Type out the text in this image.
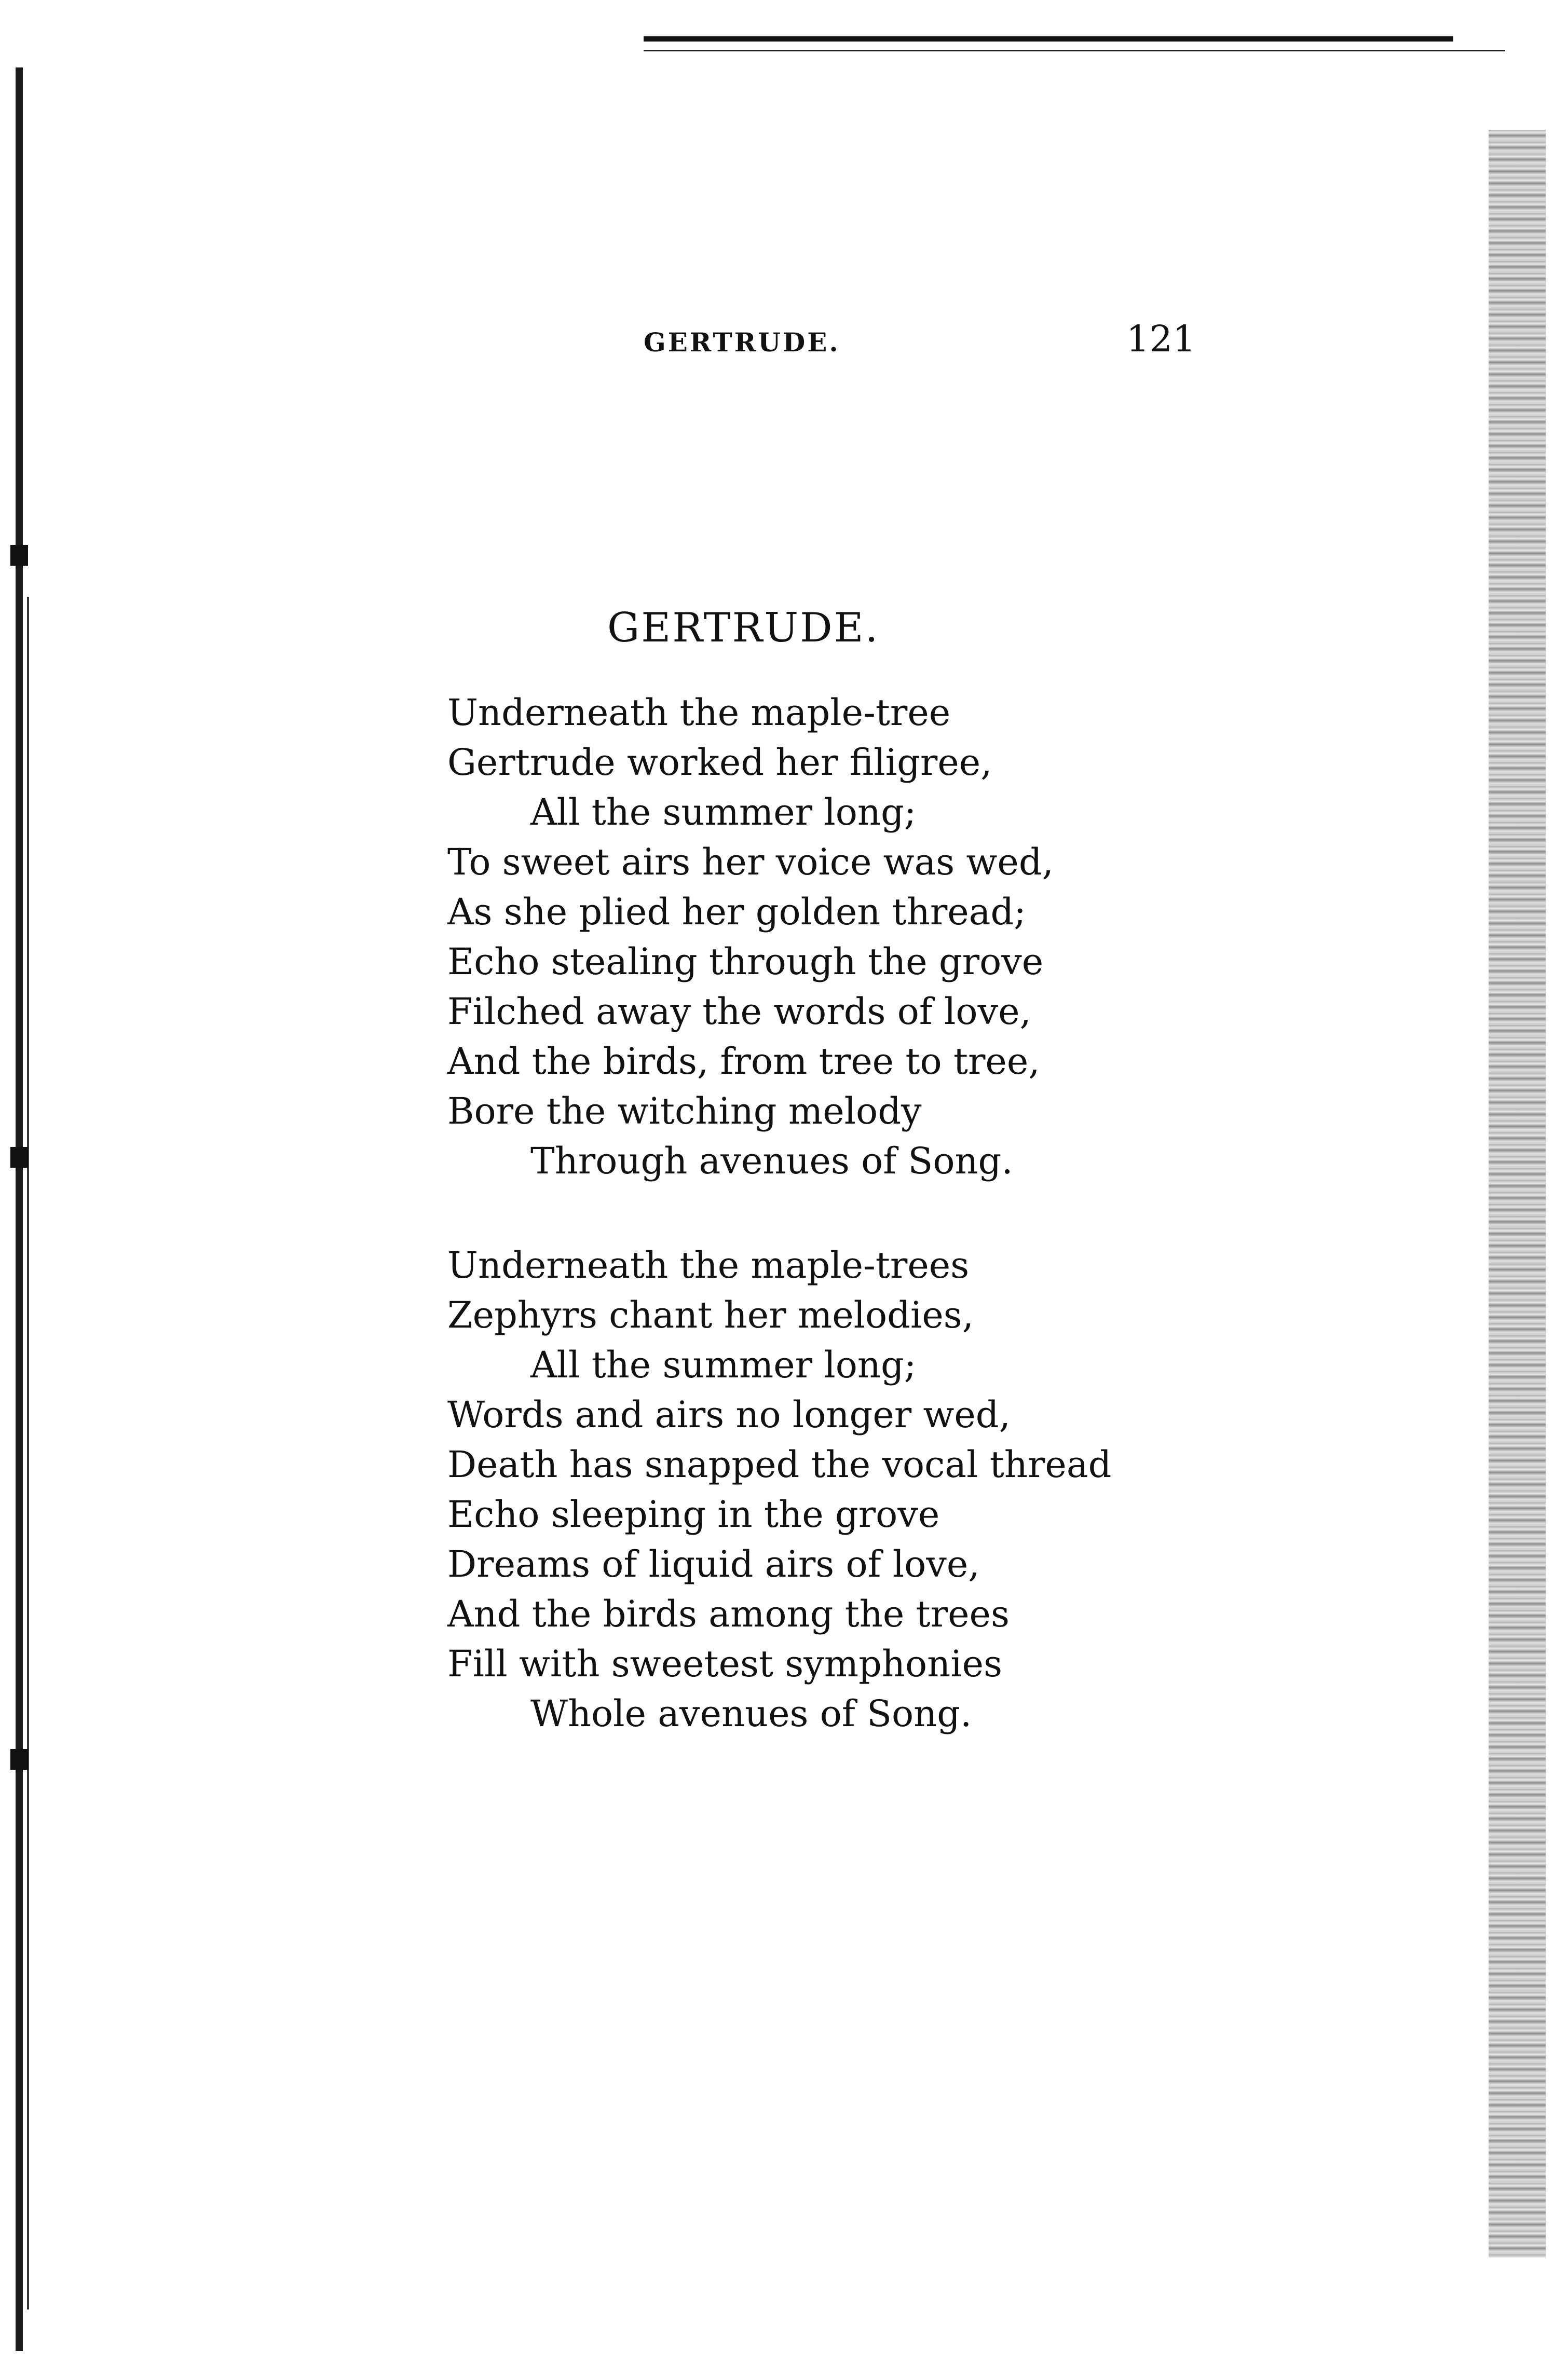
GERTRUDE.	121
GERTRUDE.
Underneath the maple-tree
Gertrude worked her filigree,
All the summer long;
To sweet airs her voice was wed,
As she plied her golden thread;
Echo stealing through the grove
Filched away the words of love,
And the birds, from tree to tree,
Bore the witching melody
Through avenues of Song.
Underneath the maple-trees
Zephyrs chant her melodies,
All the summer long;
Words and airs no longer wed,
Death has snapped the vocal thread
Echo sleeping in the grove
Dreams of liquid airs of love,
And the birds among the trees
Fill with sweetest symphonies
Whole avenues of Song.
